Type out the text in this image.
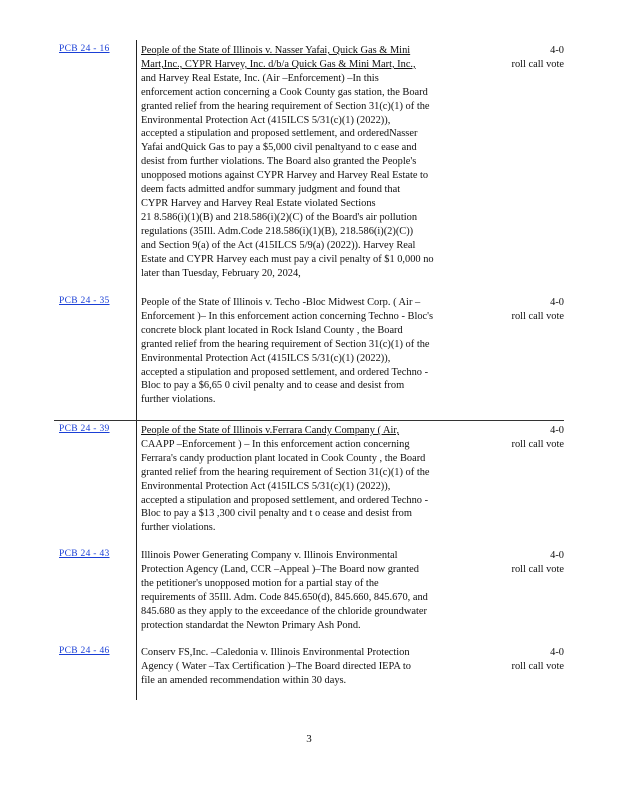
PCB 24 - 16	People of the State of Illinois v. Nasser Yafai, Quick Gas & Mini
Mart,Inc., CYPR Harvey, Inc. d/b/a Quick Gas & Mini Mart, Inc.,
and Harvey Real Estate, Inc. (Air –Enforcement) –In this
enforcement action concerning a Cook County gas station, the Board
granted relief from the hearing requirement of Section 31(c)(1) of the
Environmental Protection Act (415ILCS 5/31(c)(1) (2022)),
accepted a stipulation and proposed settlement, and orderedNasser
Yafai andQuick Gas to pay a $5,000 civil penaltyand to c ease and
desist from further violations. The Board also granted the People's
unopposed motions against CYPR Harvey and Harvey Real Estate to
deem facts admitted andfor summary judgment and found that
CYPR Harvey and Harvey Real Estate violated Sections
21 8.586(i)(1)(B) and 218.586(i)(2)(C) of the Board's air pollution
regulations (35Ill. Adm.Code 218.586(i)(1)(B), 218.586(i)(2)(C))
and Section 9(a) of the Act (415ILCS 5/9(a) (2022)). Harvey Real
Estate and CYPR Harvey each must pay a civil penalty of $1 0,000 no
later than Tuesday, February 20, 2024,
4-0
roll call vote
PCB 24 - 35	People of the State of Illinois v. Techo -Bloc Midwest Corp. ( Air –
Enforcement )– In this enforcement action concerning Techno - Bloc's
concrete block plant located in Rock Island County , the Board
granted relief from the hearing requirement of Section 31(c)(1) of the
Environmental Protection Act (415ILCS 5/31(c)(1) (2022)),
accepted a stipulation and proposed settlement, and ordered Techno -
Bloc to pay a $6,65 0 civil penalty and to cease and desist from
further violations.
4-0
roll call vote
PCB 24 - 39	People of the State of Illinois v.Ferrara Candy Company ( Air,
CAAPP –Enforcement ) – In this enforcement action concerning
Ferrara's candy production plant located in Cook County , the Board
granted relief from the hearing requirement of Section 31(c)(1) of the
Environmental Protection Act (415ILCS 5/31(c)(1) (2022)),
accepted a stipulation and proposed settlement, and ordered Techno -
Bloc to pay a $13 ,300 civil penalty and t o cease and desist from
further violations.
4-0
roll call vote
PCB 24 - 43	Illinois Power Generating Company v. Illinois Environmental
Protection Agency (Land, CCR –Appeal )–The Board now granted
the petitioner's unopposed motion for a partial stay of the
requirements of 35Ill. Adm. Code 845.650(d), 845.660, 845.670, and
845.680 as they apply to the exceedance of the chloride groundwater
protection standardat the Newton Primary Ash Pond.
4-0
roll call vote
PCB 24 - 46	Conserv FS,Inc. –Caledonia v. Illinois Environmental Protection
Agency ( Water –Tax Certification )–The Board directed IEPA to
file an amended recommendation within 30 days.
4-0
roll call vote
3
